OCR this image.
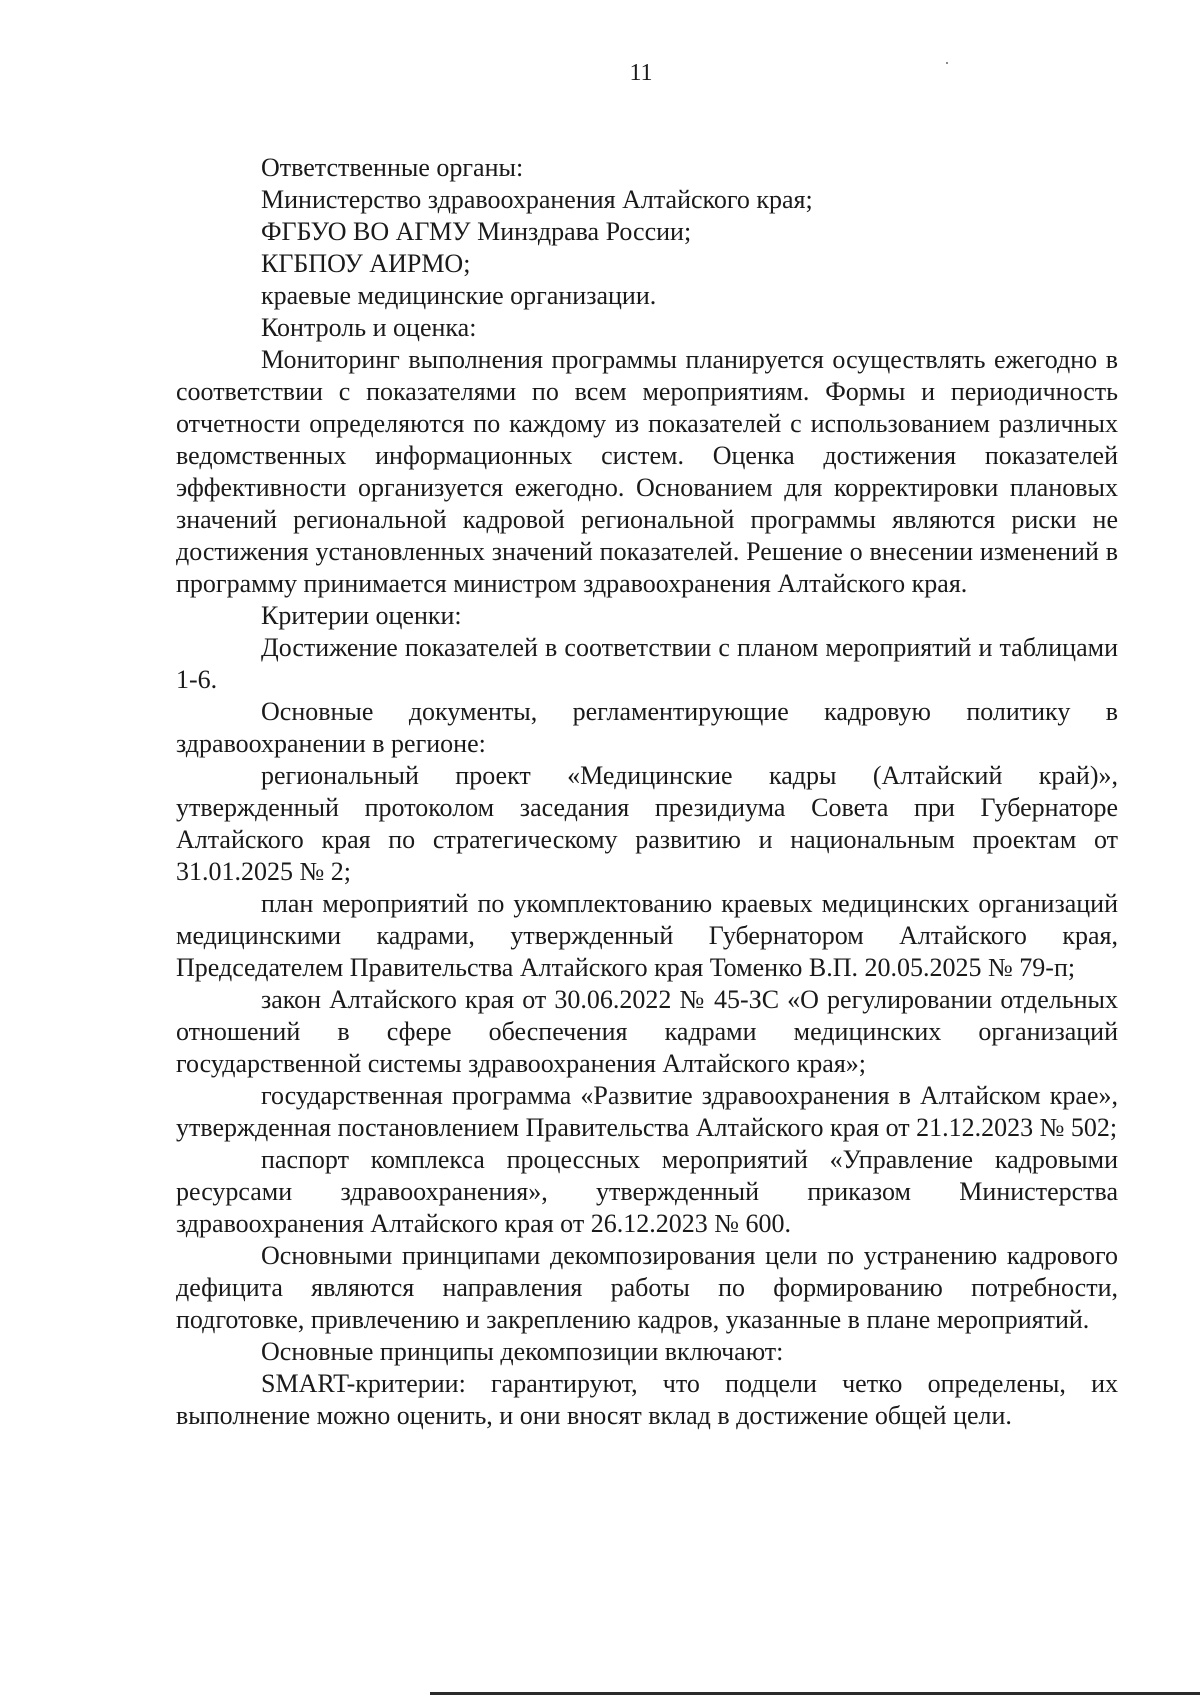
11

Ответственные органы:

Министерство здравоохранения Алтайского края;

ФГБУО ВО АГМУ Минздрава России;

КГБПОУ АИРМО;

краевые медицинские организации.

Контроль и оценка:

Мониторинг выполнения программы планируется осуществлять ежегодно в соответствии с показателями по всем мероприятиям. Формы и периодичность отчетности определяются по каждому из показателей с использованием различных ведомственных информационных систем. Оценка достижения показателей эффективности организуется ежегодно. Основанием для корректировки плановых значений региональной кадровой региональной программы являются риски не достижения установленных значений показателей. Решение о внесении изменений в программу принимается министром здравоохранения Алтайского края.

Критерии оценки:

Достижение показателей в соответствии с планом мероприятий и таблицами 1-6.

Основные документы, регламентирующие кадровую политику в здравоохранении в регионе:

региональный проект «Медицинские кадры (Алтайский край)», утвержденный протоколом заседания президиума Совета при Губернаторе Алтайского края по стратегическому развитию и национальным проектам от 31.01.2025 № 2;

план мероприятий по укомплектованию краевых медицинских организаций медицинскими кадрами, утвержденный Губернатором Алтайского края, Председателем Правительства Алтайского края Томенко В.П. 20.05.2025 № 79-п;

закон Алтайского края от 30.06.2022 № 45-ЗС «О регулировании отдельных отношений в сфере обеспечения кадрами медицинских организаций государственной системы здравоохранения Алтайского края»;

государственная программа «Развитие здравоохранения в Алтайском крае», утвержденная постановлением Правительства Алтайского края от 21.12.2023 № 502;

паспорт комплекса процессных мероприятий «Управление кадровыми ресурсами здравоохранения», утвержденный приказом Министерства здравоохранения Алтайского края от 26.12.2023 № 600.

Основными принципами декомпозирования цели по устранению кадрового дефицита являются направления работы по формированию потребности, подготовке, привлечению и закреплению кадров, указанные в плане мероприятий.

Основные принципы декомпозиции включают:

SMART-критерии: гарантируют, что подцели четко определены, их выполнение можно оценить, и они вносят вклад в достижение общей цели.
